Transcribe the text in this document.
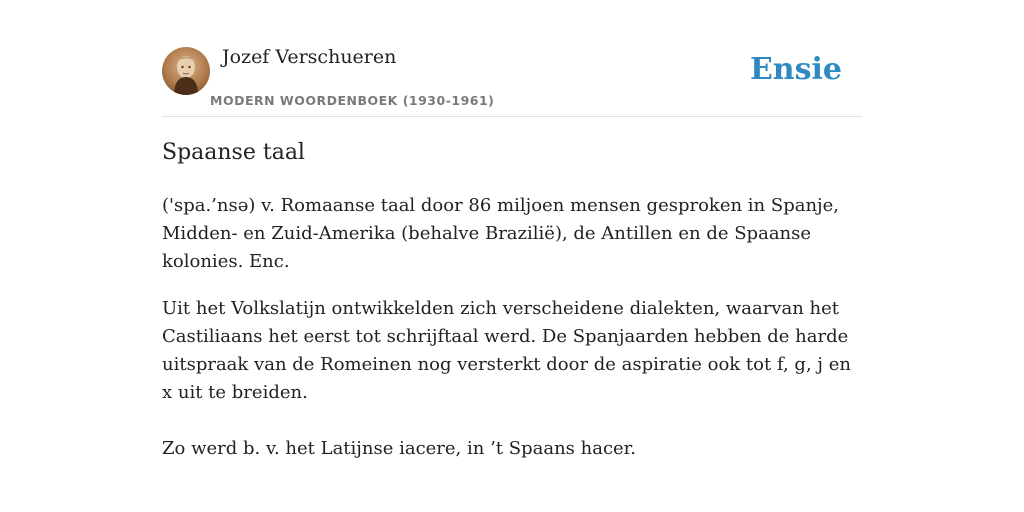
Jozef Verschueren
MODERN WOORDENBOEK (1930-1961)
Ensie
Spaanse taal

('spa.’nsə) v. Romaanse taal door 86 miljoen mensen gesproken in Spanje, Midden- en Zuid-Amerika (behalve Brazilië), de Antillen en de Spaanse kolonies. Enc.

Uit het Volkslatijn ontwikkelden zich verscheidene dialekten, waarvan het Castiliaans het eerst tot schrijftaal werd. De Spanjaarden hebben de harde uitspraak van de Romeinen nog versterkt door de aspiratie ook tot f, g, j en x uit te breiden.

Zo werd b. v. het Latijnse iacere, in ’t Spaans hacer.
